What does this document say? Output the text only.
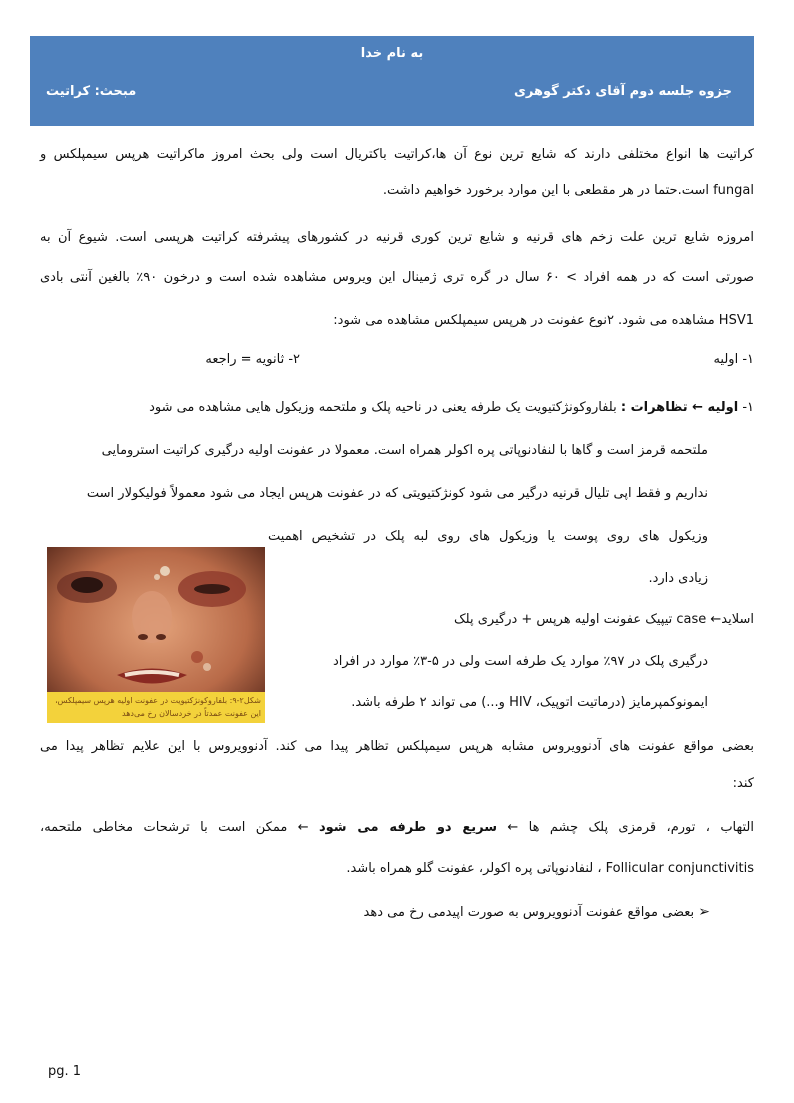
به نام خدا
جزوه جلسه دوم آقای دکتر گوهری
مبحث: کراتیت
کراتیت ها انواع مختلفی دارند که شایع ترین نوع آن ها،کراتیت باکتریال است ولی بحث امروز ماکراتیت هرپس سیمپلکس و
fungal است.حتما در هر مقطعی با این موارد برخورد خواهیم داشت.
امروزه شایع ترین علت زخم های قرنیه و شایع ترین کوری قرنیه در کشورهای پیشرفته کراتیت هرپسی است. شیوع آن به
صورتی است که در همه افراد > ۶۰ سال در گره تری ژمینال این ویروس مشاهده شده است و درخون ۹۰٪ بالغین آنتی بادی
HSV1 مشاهده می شود. ۲نوع عفونت در هرپس سیمپلکس مشاهده می شود:
۱- اولیه
۲- ثانویه = راجعه
۱- اولیه ← تظاهرات : بلفاروکونژکتیویت یک طرفه یعنی در ناحیه پلک و ملتحمه وزیکول هایی مشاهده می شود
ملتحمه قرمز است و گاها با لنفادنوپاتی پره اکولر همراه است. معمولا در عفونت اولیه درگیری کراتیت استرومایی
نداریم و فقط اپی تلیال قرنیه درگیر می شود کونژکتیویتی که در عفونت هرپس ایجاد می شود معمولاً فولیکولار است
وزیکول های روی پوست یا وزیکول های روی لبه پلک در تشخیص اهمیت
زیادی دارد.
شکل۲-۹: بلفاروکونژکتیویت در عفونت اولیه هرپس سیمپلکس، این عفونت عمدتاً در خردسالان رخ می‌دهد
اسلاید← case تیپیک عفونت اولیه هرپس + درگیری پلک
درگیری پلک در ۹۷٪ موارد یک طرفه است ولی در ۵-۳٪ موارد در افراد
ایمونوکمپرمایز (درماتیت اتوپیک، HIV و...) می تواند ۲ طرفه باشد.
بعضی مواقع عفونت های آدنوویروس مشابه هرپس سیمپلکس تظاهر پیدا می کند. آدنوویروس با این علایم تظاهر پیدا می
کند:
التهاب ، تورم، قرمزی پلک چشم ها ← سریع دو طرفه می شود ← ممکن است با ترشحات مخاطی ملتحمه،
Follicular conjunctivitis ، لنفادنوپاتی پره اکولر، عفونت گلو همراه باشد.
➢ بعضی مواقع عفونت آدنوویروس به صورت اپیدمی رخ می دهد
pg. 1
